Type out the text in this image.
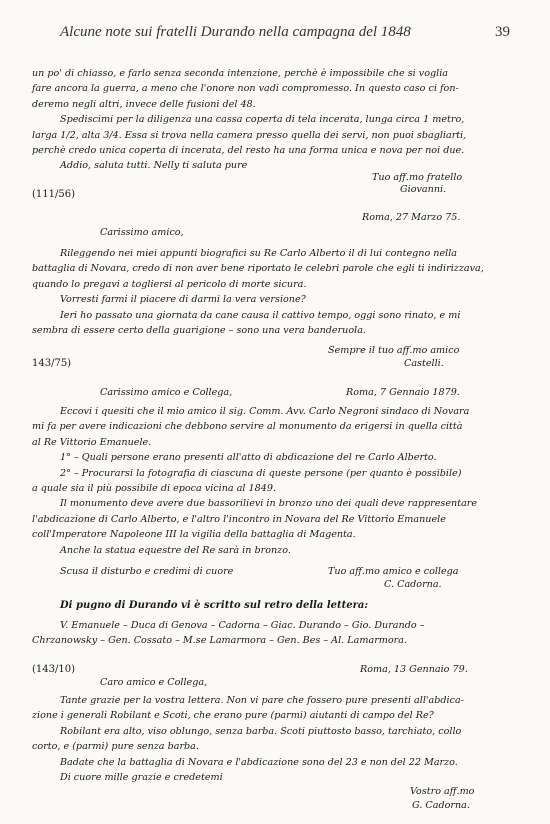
Alcune note sui fratelli Durando nella campagna del 1848	39

un po' di chiasso, e farlo senza seconda intenzione, perchè è impossibile che si voglia

fare ancora la guerra, a meno che l'onore non vadi compromesso. In questo caso ci fon-

deremo negli altri, invece delle fusioni del 48.

Spediscimi per la diligenza una cassa coperta di tela incerata, lunga circa 1 metro,

larga 1/2, alta 3/4. Essa si trova nella camera presso quella dei servi, non puoi sbagliarti,

perchè credo unica coperta di incerata, del resto ha una forma unica e nova per noi due.

Addio, saluta tutti. Nelly ti saluta pure

Tuo aff.mo fratello
Giovanni.
(111/56)
Roma, 27 Marzo 75.
Carissimo amico,

Rileggendo nei miei appunti biografici su Re Carlo Alberto il di lui contegno nella

battaglia di Novara, credo di non aver bene riportato le celebri parole che egli ti indirizzava,

quando lo pregavi a togliersi al pericolo di morte sicura.

Vorresti farmi il piacere di darmi la vera versione?

Ieri ho passato una giornata da cane causa il cattivo tempo, oggi sono rinato, e mi

sembra di essere certo della guarigione – sono una vera banderuola.

Sempre il tuo aff.mo amico
143/75)	Castelli.
Carissimo amico e Collega,	Roma, 7 Gennaio 1879.

Eccovi i quesiti che il mio amico il sig. Comm. Avv. Carlo Negroni sindaco di Novara

mi fa per avere indicazioni che debbono servire al monumento da erigersi in quella città

al Re Vittorio Emanuele.

1° – Quali persone erano presenti all'atto di abdicazione del re Carlo Alberto.

2° – Procurarsi la fotografia di ciascuna di queste persone (per quanto è possibile)

a quale sia il più possibile di epoca vicina al 1849.

Il monumento deve avere due bassorilievi in bronzo uno dei quali deve rappresentare

l'abdicazione di Carlo Alberto, e l'altro l'incontro in Novara del Re Vittorio Emanuele

coll'Imperatore Napoleone III la vigilia della battaglia di Magenta.

Anche la statua equestre del Re sarà in bronzo.

Scusa il disturbo e credimi di cuore	Tuo aff.mo amico e collega
C. Cadorna.
Di pugno di Durando vi è scritto sul retro della lettera:

V. Emanuele – Duca di Genova – Cadorna – Giac. Durando – Gio. Durando –

Chrzanowsky – Gen. Cossato – M.se Lamarmora – Gen. Bes – Al. Lamarmora.

(143/10)	Roma, 13 Gennaio 79.
Caro amico e Collega,

Tante grazie per la vostra lettera. Non vi pare che fossero pure presenti all'abdica-

zione i generali Robilant e Scoti, che erano pure (parmi) aiutanti di campo del Re?

Robilant era alto, viso oblungo, senza barba. Scoti piuttosto basso, tarchiato, collo

corto, e (parmi) pure senza barba.

Badate che la battaglia di Novara e l'abdicazione sono del 23 e non del 22 Marzo.

Di cuore mille grazie e credetemi

Vostro aff.mo
G. Cadorna.
